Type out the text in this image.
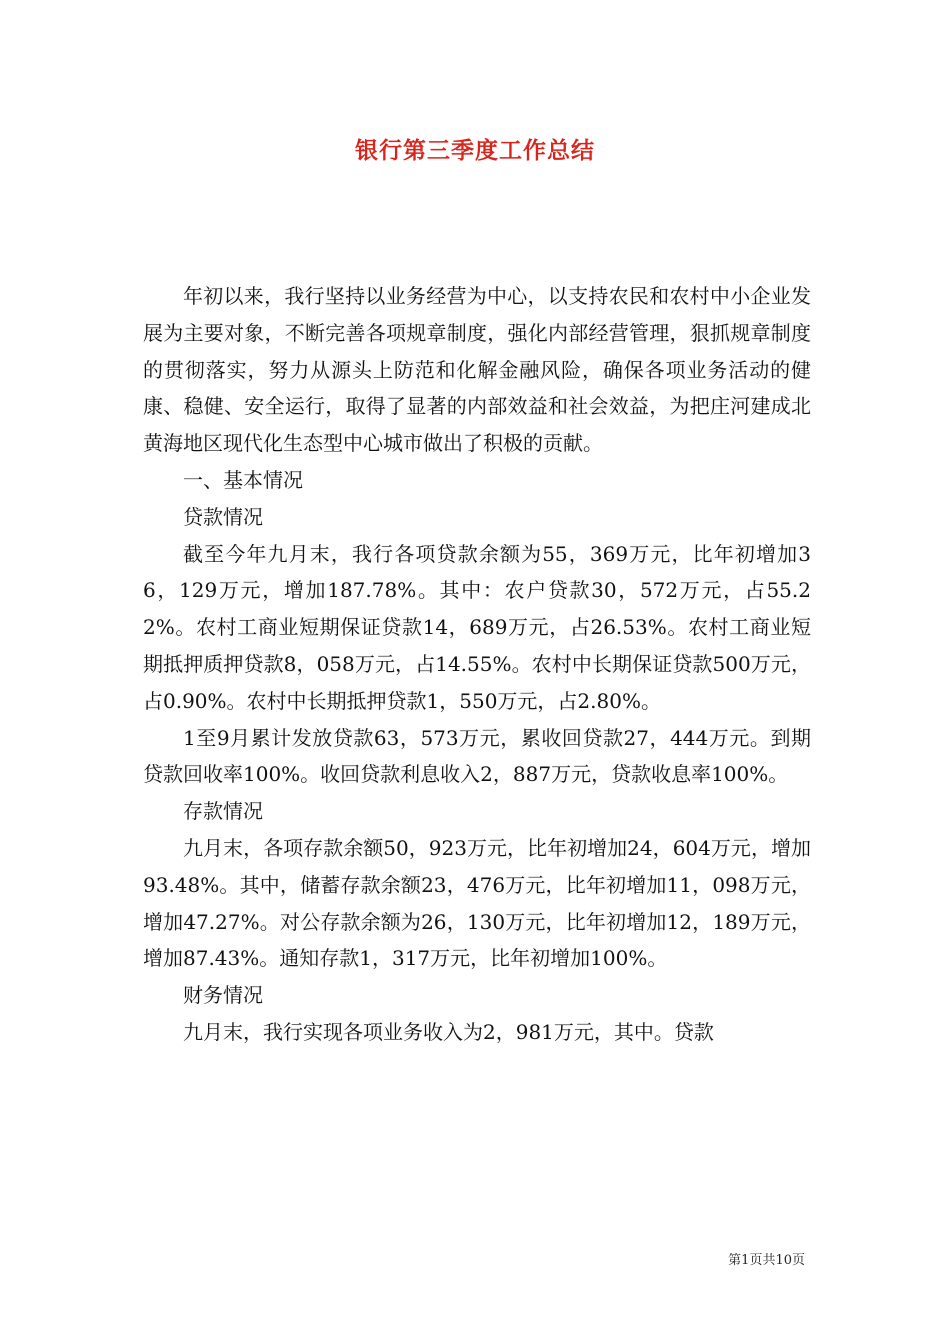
银行第三季度工作总结

年初以来，我行坚持以业务经营为中心，以支持农民和农村中小企业发展为主要对象，不断完善各项规章制度，强化内部经营管理，狠抓规章制度的贯彻落实，努力从源头上防范和化解金融风险，确保各项业务活动的健康、稳健、安全运行，取得了显著的内部效益和社会效益，为把庄河建成北黄海地区现代化生态型中心城市做出了积极的贡献。

一、基本情况

贷款情况

截至今年九月末，我行各项贷款余额为55，369万元，比年初增加36，129万元，增加187.78%。其中：农户贷款30，572万元，占55.22%。农村工商业短期保证贷款14，689万元，占26.53%。农村工商业短期抵押质押贷款8，058万元，占14.55%。农村中长期保证贷款500万元，占0.90%。农村中长期抵押贷款1，550万元，占2.80%。

1至9月累计发放贷款63，573万元，累收回贷款27，444万元。到期贷款回收率100%。收回贷款利息收入2，887万元，贷款收息率100%。

存款情况

九月末，各项存款余额50，923万元，比年初增加24，604万元，增加93.48%。其中，储蓄存款余额23，476万元，比年初增加11，098万元，增加47.27%。对公存款余额为26，130万元，比年初增加12，189万元，增加87.43%。通知存款1，317万元，比年初增加100%。

财务情况

九月末，我行实现各项业务收入为2，981万元，其中。贷款

第1页共10页
